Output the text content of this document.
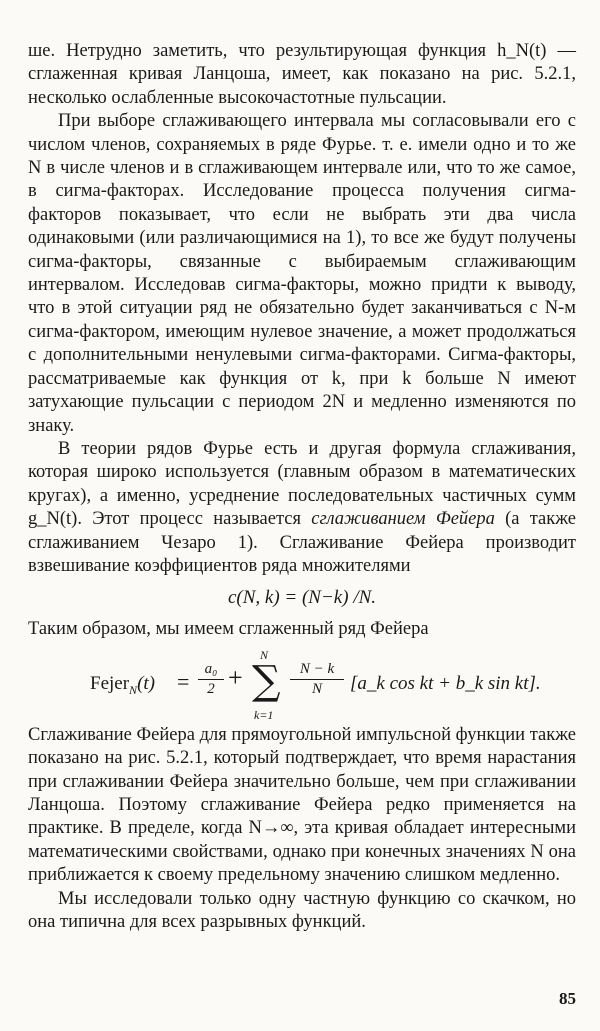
ше. Нетрудно заметить, что результирующая функция h_N(t) — сглаженная кривая Ланцоша, имеет, как показано на рис. 5.2.1, несколько ослабленные высокочастотные пульсации.

При выборе сглаживающего интервала мы согласовывали его с числом членов, сохраняемых в ряде Фурье. т. е. имели одно и то же N в числе членов и в сглаживающем интервале или, что то же самое, в сигма-факторах. Исследование процесса получения сигма-факторов показывает, что если не выбрать эти два числа одинаковыми (или различающимися на 1), то все же будут получены сигма-факторы, связанные с выбираемым сглаживающим интервалом. Исследовав сигма-факторы, можно придти к выводу, что в этой ситуации ряд не обязательно будет заканчиваться с N-м сигма-фактором, имеющим нулевое значение, а может продолжаться с дополнительными ненулевыми сигма-факторами. Сигма-факторы, рассматриваемые как функция от k, при k больше N имеют затухающие пульсации с периодом 2N и медленно изменяются по знаку.

В теории рядов Фурье есть и другая формула сглаживания, которая широко используется (главным образом в математических кругах), а именно, усреднение последовательных частичных сумм g_N(t). Этот процесс называется сглаживанием Фейера (а также сглаживанием Чезаро 1). Сглаживание Фейера производит взвешивание коэффициентов ряда множителями

c(N, k) = (N−k) /N.

Таким образом, мы имеем сглаженный ряд Фейера

Fejer$_N$(t) =	a₀
2 +
N
∑
k=1
N − k
N	[a_k cos kt + b_k sin kt].

Сглаживание Фейера для прямоугольной импульсной функции также показано на рис. 5.2.1, который подтверждает, что время нарастания при сглаживании Фейера значительно больше, чем при сглаживании Ланцоша. Поэтому сглаживание Фейера редко применяется на практике. В пределе, когда N→∞, эта кривая обладает интересными математическими свойствами, однако при конечных значениях N она приближается к своему предельному значению слишком медленно.

Мы исследовали только одну частную функцию со скачком, но она типична для всех разрывных функций.

85
